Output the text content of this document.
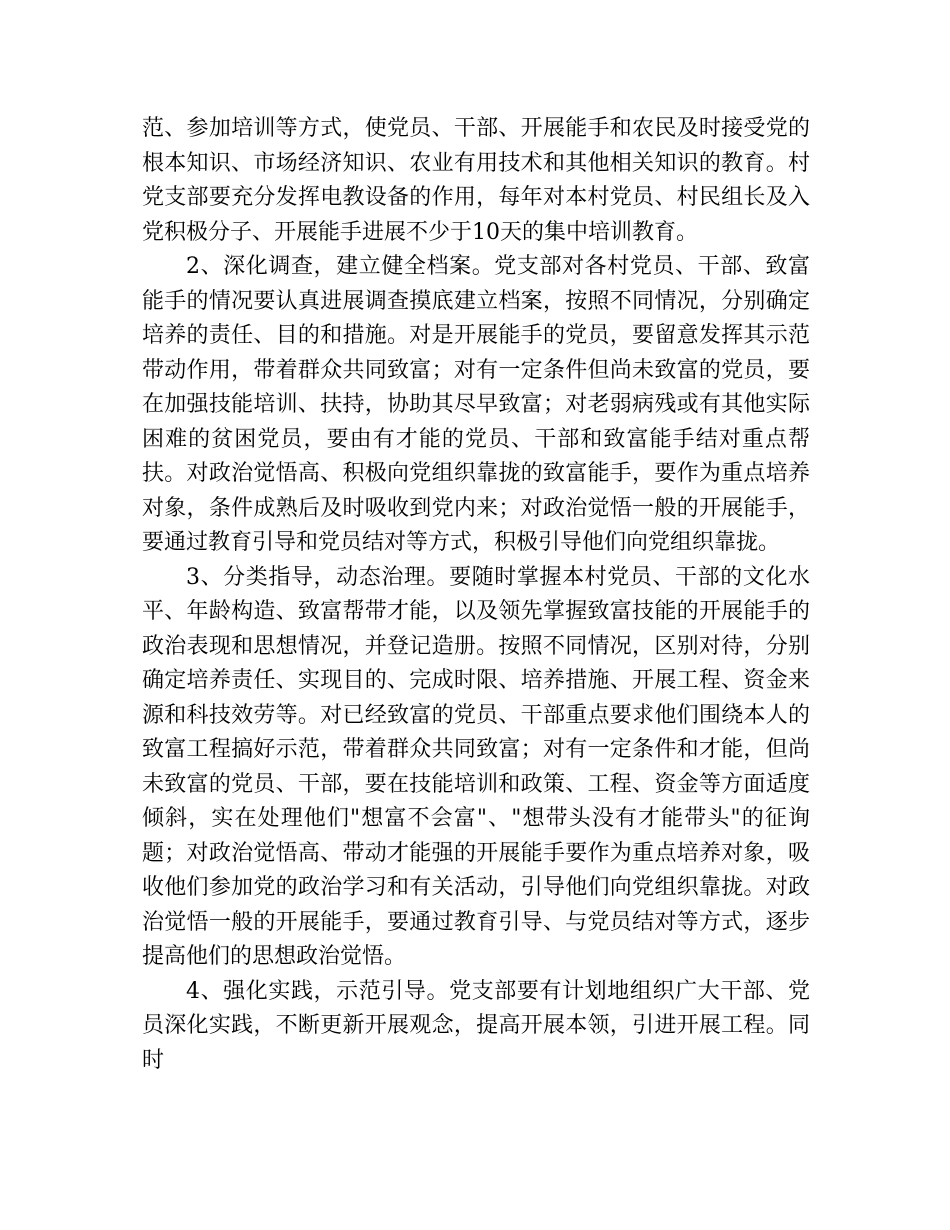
范、参加培训等方式，使党员、干部、开展能手和农民及时接受党的根本知识、市场经济知识、农业有用技术和其他相关知识的教育。村党支部要充分发挥电教设备的作用，每年对本村党员、村民组长及入党积极分子、开展能手进展不少于10天的集中培训教育。

2、深化调查，建立健全档案。党支部对各村党员、干部、致富能手的情况要认真进展调查摸底建立档案，按照不同情况，分别确定培养的责任、目的和措施。对是开展能手的党员，要留意发挥其示范带动作用，带着群众共同致富；对有一定条件但尚未致富的党员，要在加强技能培训、扶持，协助其尽早致富；对老弱病残或有其他实际困难的贫困党员，要由有才能的党员、干部和致富能手结对重点帮扶。对政治觉悟高、积极向党组织靠拢的致富能手，要作为重点培养对象，条件成熟后及时吸收到党内来；对政治觉悟一般的开展能手，要通过教育引导和党员结对等方式，积极引导他们向党组织靠拢。

3、分类指导，动态治理。要随时掌握本村党员、干部的文化水平、年龄构造、致富帮带才能，以及领先掌握致富技能的开展能手的政治表现和思想情况，并登记造册。按照不同情况，区别对待，分别确定培养责任、实现目的、完成时限、培养措施、开展工程、资金来源和科技效劳等。对已经致富的党员、干部重点要求他们围绕本人的致富工程搞好示范，带着群众共同致富；对有一定条件和才能，但尚未致富的党员、干部，要在技能培训和政策、工程、资金等方面适度倾斜，实在处理他们"想富不会富"、"想带头没有才能带头"的征询题；对政治觉悟高、带动才能强的开展能手要作为重点培养对象，吸收他们参加党的政治学习和有关活动，引导他们向党组织靠拢。对政治觉悟一般的开展能手，要通过教育引导、与党员结对等方式，逐步提高他们的思想政治觉悟。

4、强化实践，示范引导。党支部要有计划地组织广大干部、党员深化实践，不断更新开展观念，提高开展本领，引进开展工程。同时
